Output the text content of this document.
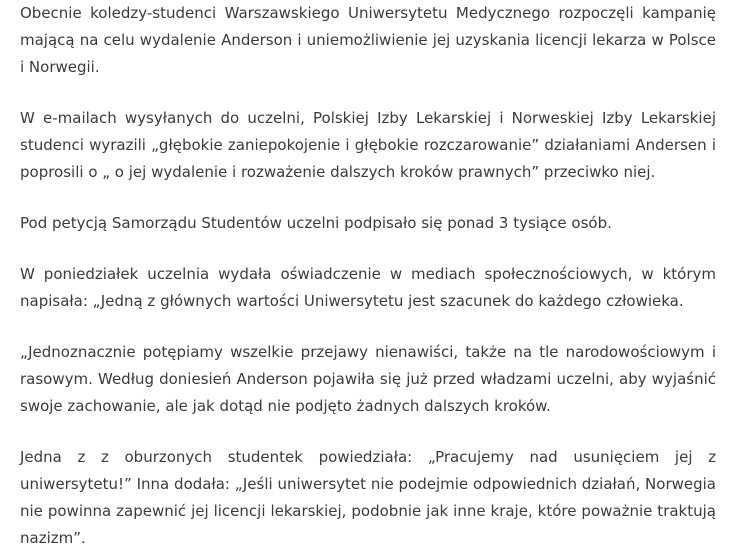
Obecnie koledzy-studenci Warszawskiego Uniwersytetu Medycznego rozpoczęli kampanię mającą na celu wydalenie Anderson i uniemożliwienie jej uzyskania licencji lekarza w Polsce i Norwegii.

W e-mailach wysyłanych do uczelni, Polskiej Izby Lekarskiej i Norweskiej Izby Lekarskiej studenci wyrazili „głębokie zaniepokojenie i głębokie rozczarowanie” działaniami Andersen i poprosili o „ o jej wydalenie i rozważenie dalszych kroków prawnych” przeciwko niej.

Pod petycją Samorządu Studentów uczelni podpisało się ponad 3 tysiące osób.

W poniedziałek uczelnia wydała oświadczenie w mediach społecznościowych, w którym napisała: „Jedną z głównych wartości Uniwersytetu jest szacunek do każdego człowieka.

„Jednoznacznie potępiamy wszelkie przejawy nienawiści, także na tle narodowościowym i rasowym. Według doniesień Anderson pojawiła się już przed władzami uczelni, aby wyjaśnić swoje zachowanie, ale jak dotąd nie podjęto żadnych dalszych kroków.

Jedna z z oburzonych studentek powiedziała: „Pracujemy nad usunięciem jej z uniwersytetu!” Inna dodała: „Jeśli uniwersytet nie podejmie odpowiednich działań, Norwegia nie powinna zapewnić jej licencji lekarskiej, podobnie jak inne kraje, które poważnie traktują nazizm”.
